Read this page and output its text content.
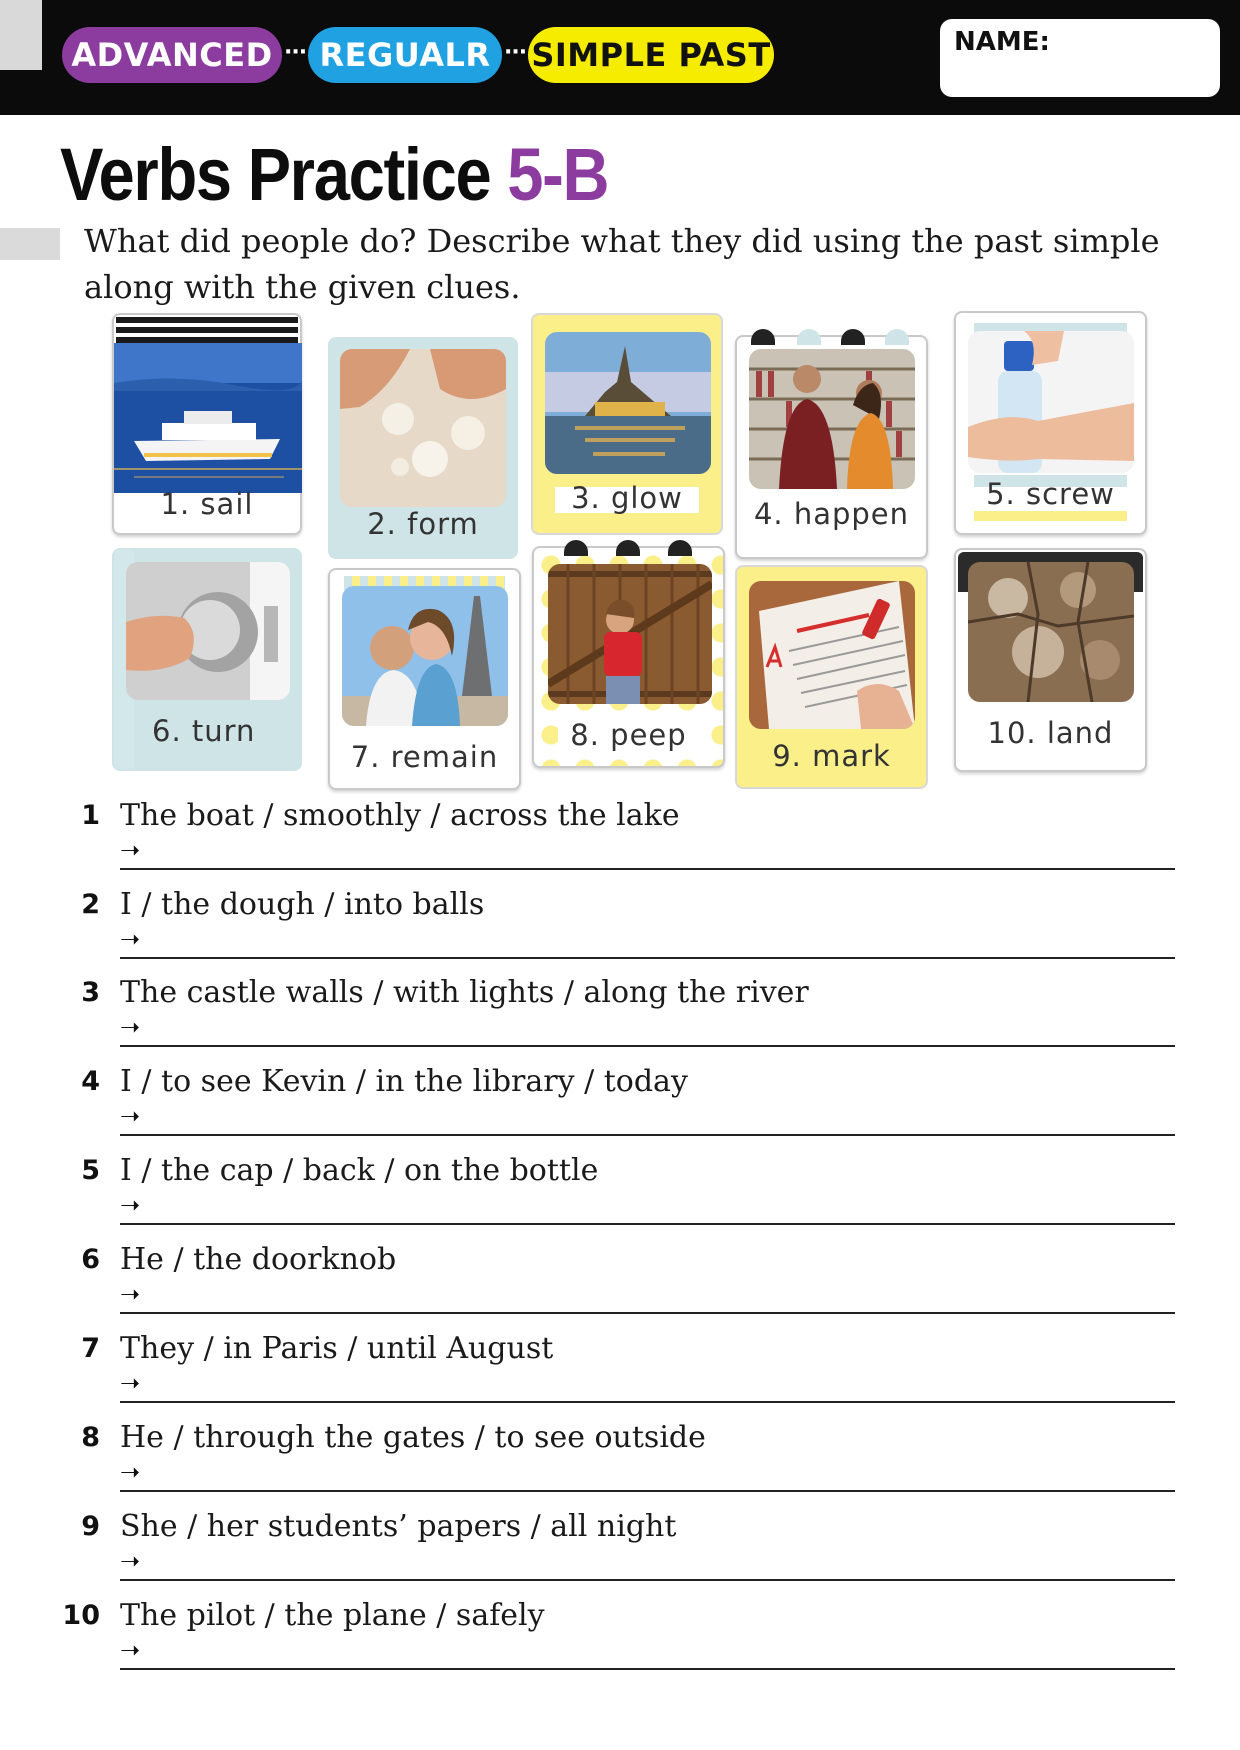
ADVANCED ··· REGUALR ··· SIMPLE PAST	NAME:
Verbs Practice 5-B
What did people do? Describe what they did using the past simple along with the given clues.
1. sail
2. form
3. glow	4. happen
5. screw
6. turn
7. remain
8. peep
9. mark
10. land
1 The boat / smoothly / across the lake
➝
2 I / the dough / into balls
➝
3 The castle walls / with lights / along the river
➝
4 I / to see Kevin / in the library / today
➝
5 I / the cap / back / on the bottle
➝
6 He / the doorknob
➝
7 They / in Paris / until August
➝
8 He / through the gates / to see outside
➝
9 She / her students’ papers / all night
➝
10 The pilot / the plane / safely
➝
